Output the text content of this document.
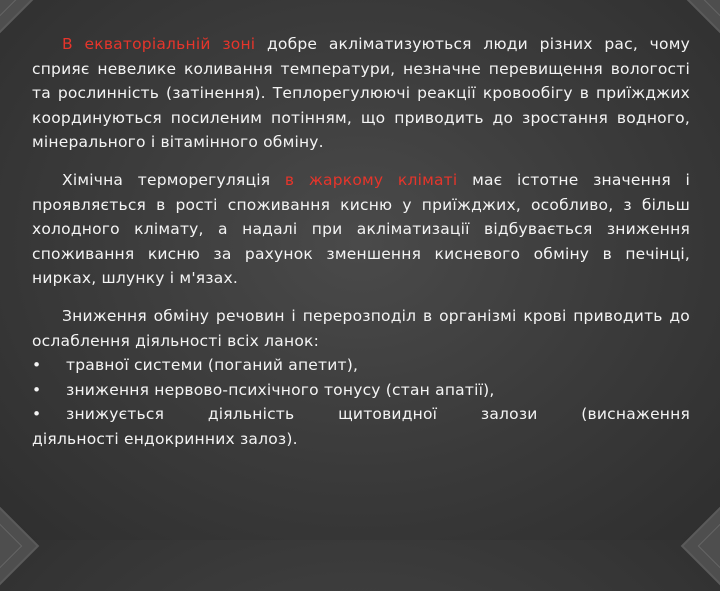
В екваторіальній зоні добре акліматизуються люди різних рас, чому сприяє невелике коливання температури, незначне перевищення вологості та рослинність (затінення). Теплорегулюючі реакції кровообігу в приїжджих координуються посиленим потінням, що приводить до зростання водного, мінерального і вітамінного обміну.

Хімічна терморегуляція в жаркому кліматі має істотне значення і проявляється в рості споживання кисню у приїжджих, особливо, з більш холодного клімату, а надалі при акліматизації відбувається зниження споживання кисню за рахунок зменшення кисневого обміну в печінці, нирках, шлунку і м'язах.

Зниження обміну речовин і перерозподіл в організмі крові приводить до ослаблення діяльності всіх ланок:
•	травної системи (поганий апетит),
•	зниження нервово-психічного тонусу (стан апатії),
•	знижується діяльність щитовидної залози (виснаження
діяльності ендокринних залоз).
